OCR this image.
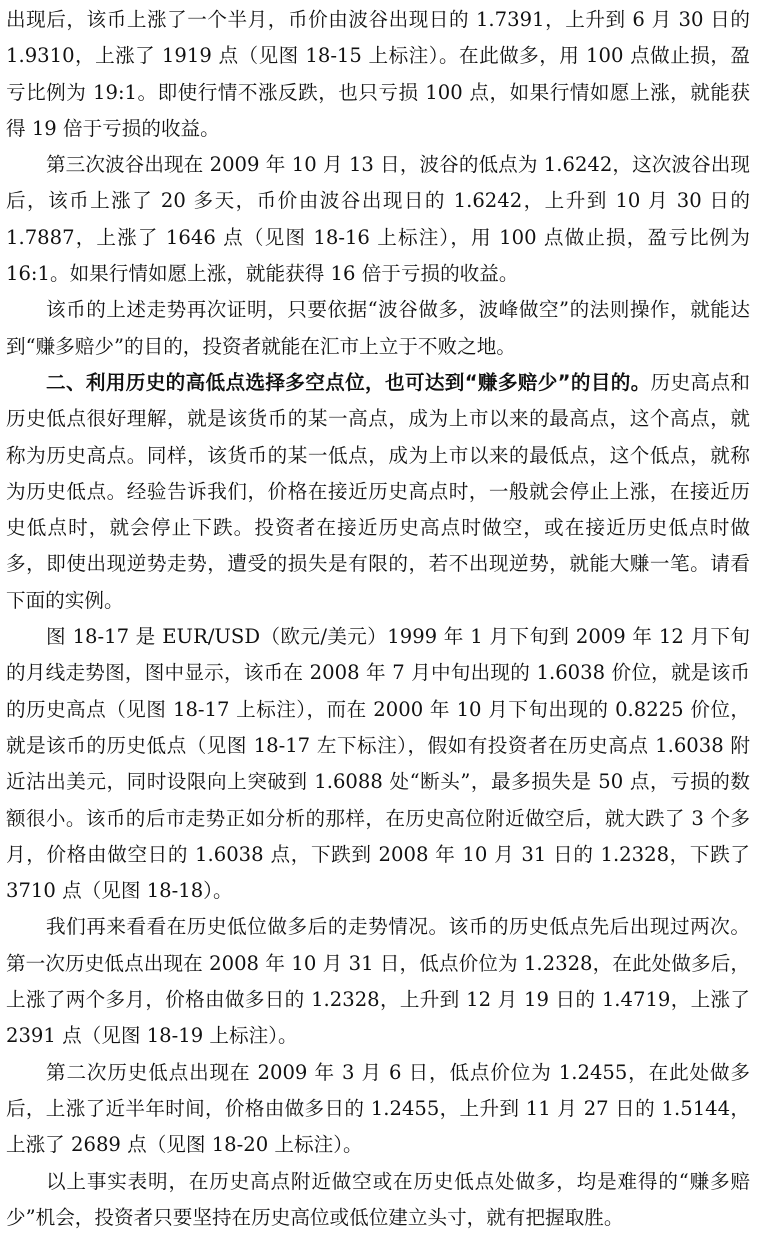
出现后，该币上涨了一个半月，币价由波谷出现日的 1.7391，上升到 6 月 30 日的 1.9310，上涨了 1919 点（见图 18-15 上标注）。在此做多，用 100 点做止损，盈亏比例为 19:1。即使行情不涨反跌，也只亏损 100 点，如果行情如愿上涨，就能获得 19 倍于亏损的收益。

第三次波谷出现在 2009 年 10 月 13 日，波谷的低点为 1.6242，这次波谷出现后，该币上涨了 20 多天，币价由波谷出现日的 1.6242，上升到 10 月 30 日的 1.7887，上涨了 1646 点（见图 18-16 上标注），用 100 点做止损，盈亏比例为 16:1。如果行情如愿上涨，就能获得 16 倍于亏损的收益。

该币的上述走势再次证明，只要依据“波谷做多，波峰做空”的法则操作，就能达到“赚多赔少”的目的，投资者就能在汇市上立于不败之地。

二、利用历史的高低点选择多空点位，也可达到“赚多赔少”的目的。历史高点和历史低点很好理解，就是该货币的某一高点，成为上市以来的最高点，这个高点，就称为历史高点。同样，该货币的某一低点，成为上市以来的最低点，这个低点，就称为历史低点。经验告诉我们，价格在接近历史高点时，一般就会停止上涨，在接近历史低点时，就会停止下跌。投资者在接近历史高点时做空，或在接近历史低点时做多，即使出现逆势走势，遭受的损失是有限的，若不出现逆势，就能大赚一笔。请看下面的实例。

图 18-17 是 EUR/USD（欧元/美元）1999 年 1 月下旬到 2009 年 12 月下旬的月线走势图，图中显示，该币在 2008 年 7 月中旬出现的 1.6038 价位，就是该币的历史高点（见图 18-17 上标注），而在 2000 年 10 月下旬出现的 0.8225 价位，就是该币的历史低点（见图 18-17 左下标注），假如有投资者在历史高点 1.6038 附近沽出美元，同时设限向上突破到 1.6088 处“断头”，最多损失是 50 点，亏损的数额很小。该币的后市走势正如分析的那样，在历史高位附近做空后，就大跌了 3 个多月，价格由做空日的 1.6038 点，下跌到 2008 年 10 月 31 日的 1.2328，下跌了 3710 点（见图 18-18）。

我们再来看看在历史低位做多后的走势情况。该币的历史低点先后出现过两次。第一次历史低点出现在 2008 年 10 月 31 日，低点价位为 1.2328，在此处做多后，上涨了两个多月，价格由做多日的 1.2328，上升到 12 月 19 日的 1.4719，上涨了 2391 点（见图 18-19 上标注）。

第二次历史低点出现在 2009 年 3 月 6 日，低点价位为 1.2455，在此处做多后，上涨了近半年时间，价格由做多日的 1.2455，上升到 11 月 27 日的 1.5144，上涨了 2689 点（见图 18-20 上标注）。

以上事实表明，在历史高点附近做空或在历史低点处做多，均是难得的“赚多赔少”机会，投资者只要坚持在历史高位或低位建立头寸，就有把握取胜。
